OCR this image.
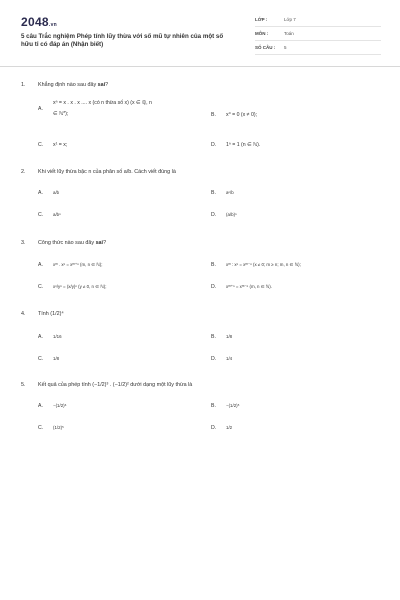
2048.vn
5 câu Trắc nghiệm Phép tính lũy thừa với số mũ tự nhiên của một số hữu tỉ có đáp án (Nhận biết)
LỚP :	Lớp 7
MÔN :	Toán
SỐ CÂU : 5
1. Khẳng định nào sau đây sai?
A.
xⁿ = x . x . x .... x (có n thừa số x) (x ∈ ℚ, n
∈ ℕ*);	B. x⁰ = 0 (x ≠ 0);
C. x¹ = x;	D. 1ⁿ = 1 (n ∈ ℕ).
2. Khi viết lũy thừa bậc n của phân số a/b. Cách viết đúng là
A. a/b	B. aⁿ/b
C. a/bⁿ	D. (a/b)ⁿ
3. Công thức nào sau đây sai?
A. xᵐ . xⁿ = xᵐ⁺ⁿ (m, n ∈ ℕ);	B. xᵐ : xⁿ = xᵐ⁻ⁿ (x ≠ 0; m ≥ n; m, n ∈ ℕ);
C. xⁿ/yⁿ = (x/y)ⁿ (y ≠ 0, n ∈ ℕ);	D. xᵐ⁺ⁿ = xᵐ⁻ⁿ (m, n ∈ ℕ).
4. Tính (1/2)⁴
A. 1/16	B. 1/8
C. 1/8	D. 1/4
5. Kết quả của phép tính (−1/2)³ . (−1/2)² dưới dạng một lũy thừa là
A. −(1/2)⁶	B. −(1/2)⁵
C. (1/2)⁵	D. 1/2
